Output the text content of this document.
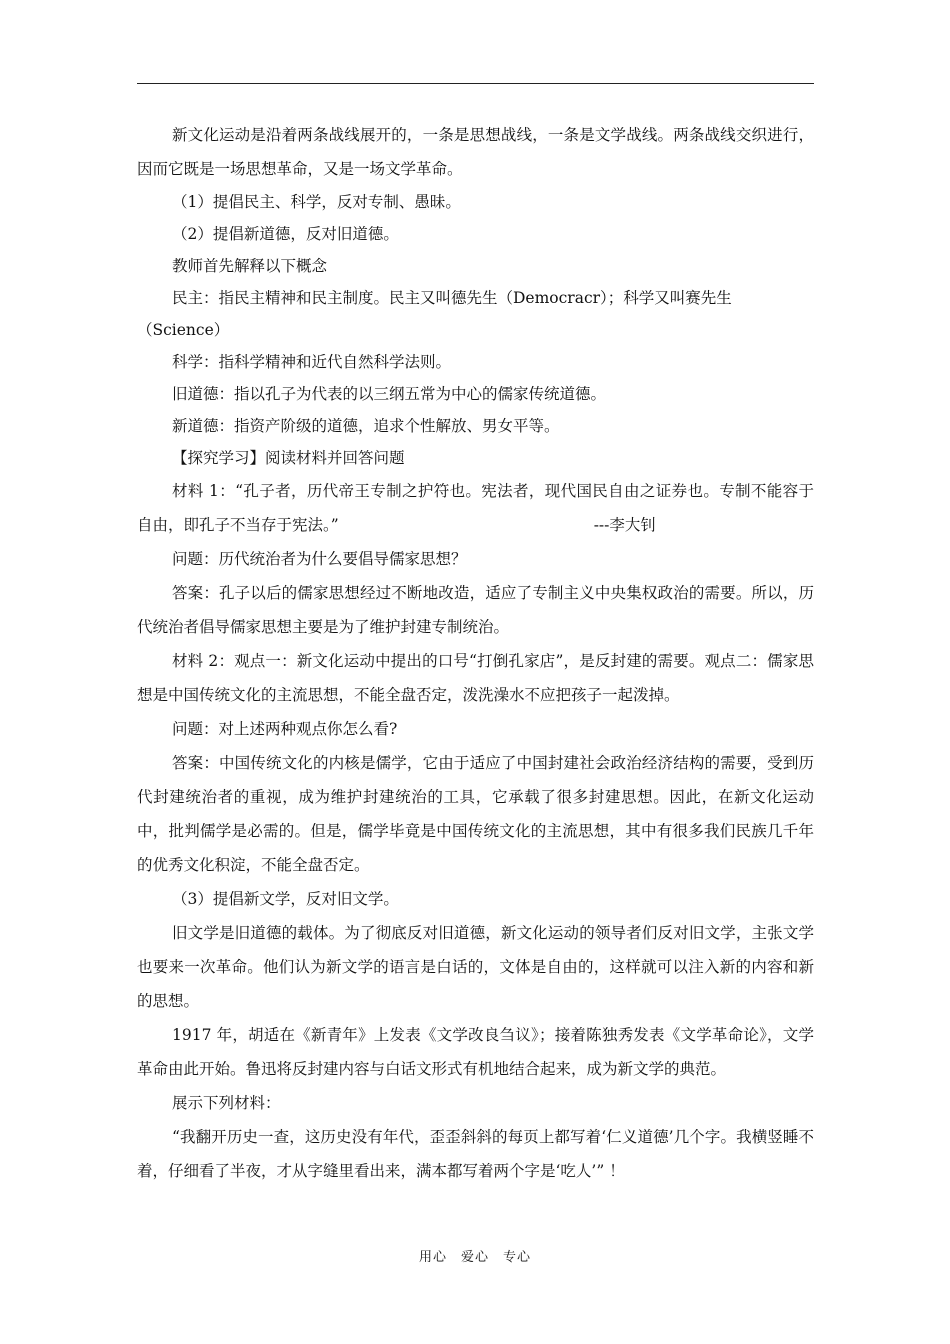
新文化运动是沿着两条战线展开的，一条是思想战线，一条是文学战线。两条战线交织进行，因而它既是一场思想革命，又是一场文学革命。

（1）提倡民主、科学，反对专制、愚昧。

（2）提倡新道德，反对旧道德。

教师首先解释以下概念

民主：指民主精神和民主制度。民主又叫德先生（Democracr）；科学又叫赛先生（Science）

科学：指科学精神和近代自然科学法则。

旧道德：指以孔子为代表的以三纲五常为中心的儒家传统道德。

新道德：指资产阶级的道德，追求个性解放、男女平等。

【探究学习】阅读材料并回答问题

材料 1：“孔子者，历代帝王专制之护符也。宪法者，现代国民自由之证券也。专制不能容于自由，即孔子不当存于宪法。”	---李大钊

问题：历代统治者为什么要倡导儒家思想？

答案：孔子以后的儒家思想经过不断地改造，适应了专制主义中央集权政治的需要。所以，历代统治者倡导儒家思想主要是为了维护封建专制统治。

材料 2：观点一：新文化运动中提出的口号“打倒孔家店”，是反封建的需要。观点二：儒家思想是中国传统文化的主流思想，不能全盘否定，泼洗澡水不应把孩子一起泼掉。

问题：对上述两种观点你怎么看?

答案：中国传统文化的内核是儒学，它由于适应了中国封建社会政治经济结构的需要，受到历代封建统治者的重视，成为维护封建统治的工具，它承载了很多封建思想。因此，在新文化运动中，批判儒学是必需的。但是，儒学毕竟是中国传统文化的主流思想，其中有很多我们民族几千年的优秀文化积淀，不能全盘否定。

（3）提倡新文学，反对旧文学。

旧文学是旧道德的载体。为了彻底反对旧道德，新文化运动的领导者们反对旧文学，主张文学也要来一次革命。他们认为新文学的语言是白话的，文体是自由的，这样就可以注入新的内容和新的思想。

1917 年，胡适在《新青年》上发表《文学改良刍议》；接着陈独秀发表《文学革命论》，文学革命由此开始。鲁迅将反封建内容与白话文形式有机地结合起来，成为新文学的典范。

展示下列材料：

“我翻开历史一查，这历史没有年代，歪歪斜斜的每页上都写着‘仁义道德’几个字。我横竖睡不着，仔细看了半夜，才从字缝里看出来，满本都写着两个字是‘吃人’” ！

用心　爱心　专心
